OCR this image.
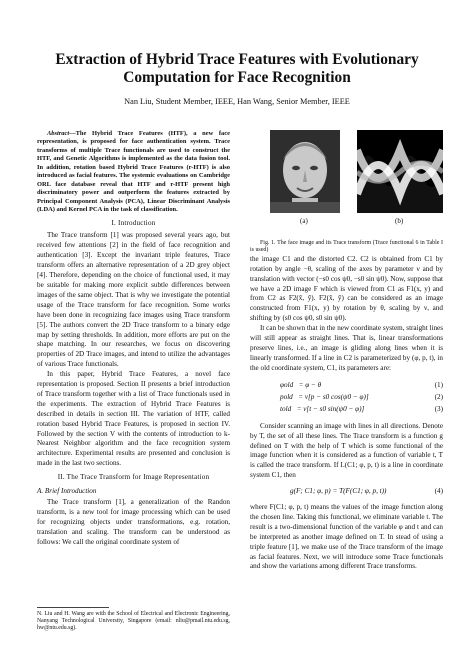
Extraction of Hybrid Trace Features with Evolutionary Computation for Face Recognition
Nan Liu, Student Member, IEEE, Han Wang, Senior Member, IEEE

Abstract—The Hybrid Trace Features (HTF), a new face representation, is proposed for face authentication system. Trace transforms of multiple Trace functionals are used to construct the HTF, and Genetic Algorithms is implemented as the data fusion tool. In addition, rotation based Hybrid Trace Features (r-HTF) is also introduced as facial features. The systemic evaluations on Cambridge ORL face database reveal that HTF and r-HTF present high discriminatory power and outperform the features extracted by Principal Component Analysis (PCA), Linear Discriminant Analysis (LDA) and Kernel PCA in the task of classification.

I. Introduction

The Trace transform [1] was proposed several years ago, but received few attentions [2] in the field of face recognition and authentication [3]. Except the invariant triple features, Trace transform offers an alternative representation of a 2D grey object [4]. Therefore, depending on the choice of functional used, it may be suitable for making more explicit subtle differences between images of the same object. That is why we investigate the potential usage of the Trace transform for face recognition. Some works have been done in recognizing face images using Trace transform [5]. The authors convert the 2D Trace transform to a binary edge map by setting thresholds. In addition, more efforts are put on the shape matching. In our researches, we focus on discovering properties of 2D Trace images, and intend to utilize the advantages of various Trace functionals.

In this paper, Hybrid Trace Features, a novel face representation is proposed. Section II presents a brief introduction of Trace transform together with a list of Trace functionals used in the experiments. The extraction of Hybrid Trace Features is described in details in section III. The variation of HTF, called rotation based Hybrid Trace Features, is proposed in section IV. Followed by the section V with the contents of introduction to k-Nearest Neighbor algorithm and the face recognition system architecture. Experimental results are presented and conclusion is made in the last two sections.

II. The Trace Transform for Image Representation
A. Brief Introduction

The Trace transform [1], a generalization of the Randon transform, is a new tool for image processing which can be used for recognizing objects under transformations, e.g. rotation, translation and scaling. The transform can be understood as follows: We call the original coordinate system of

N. Liu and H. Wang are with the School of Electrical and Electronic Engineering, Nanyang Technological University, Singapore (email: nliu@pmail.ntu.edu.sg, hw@ntu.edu.sg).
(a)	(b)

Fig. 1. The face image and its Trace transform (Trace functional 6 in Table I is used)

the image C1 and the distorted C2. C2 is obtained from C1 by rotation by angle −θ, scaling of the axes by parameter ν and by translation with vector (−s0 cos ψ0, −s0 sin ψ0). Now, suppose that we have a 2D image F which is viewed from C1 as F1(x, y) and from C2 as F2(x̃, ỹ). F2(x̃, ỹ) can be considered as an image constructed from F1(x, y) by rotation by θ, scaling by ν, and shifting by (s0 cos ψ0, s0 sin ψ0).

It can be shown that in the new coordinate system, straight lines will still appear as straight lines. That is, linear transformations preserve lines, i.e., an image is gliding along lines when it is linearly transformed. If a line in C2 is parameterized by (φ, p, t), in the old coordinate system, C1, its parameters are:

φold = φ − θ	(1)
pold = ν[p − s0 cos(ψ0 − φ)]	(2)
told = ν[t − s0 sin(ψ0 − φ)]	(3)

Consider scanning an image with lines in all directions. Denote by T, the set of all these lines. The Trace transform is a function g defined on T with the help of T which is some functional of the image function when it is considered as a function of variable t, T is called the trace transform. If L(C1; φ, p, t) is a line in coordinate system C1, then

g(F; C1; φ, p) = T(F(C1; φ, p, t))	(4)

where F(C1; φ, p, t) means the values of the image function along the chosen line. Taking this functional, we eliminate variable t. The result is a two-dimensional function of the variable φ and t and can be interpreted as another image defined on T. In stead of using a triple feature [1], we make use of the Trace transform of the image as facial features. Next, we will introduce some Trace functionals and show the variations among different Trace transforms.
